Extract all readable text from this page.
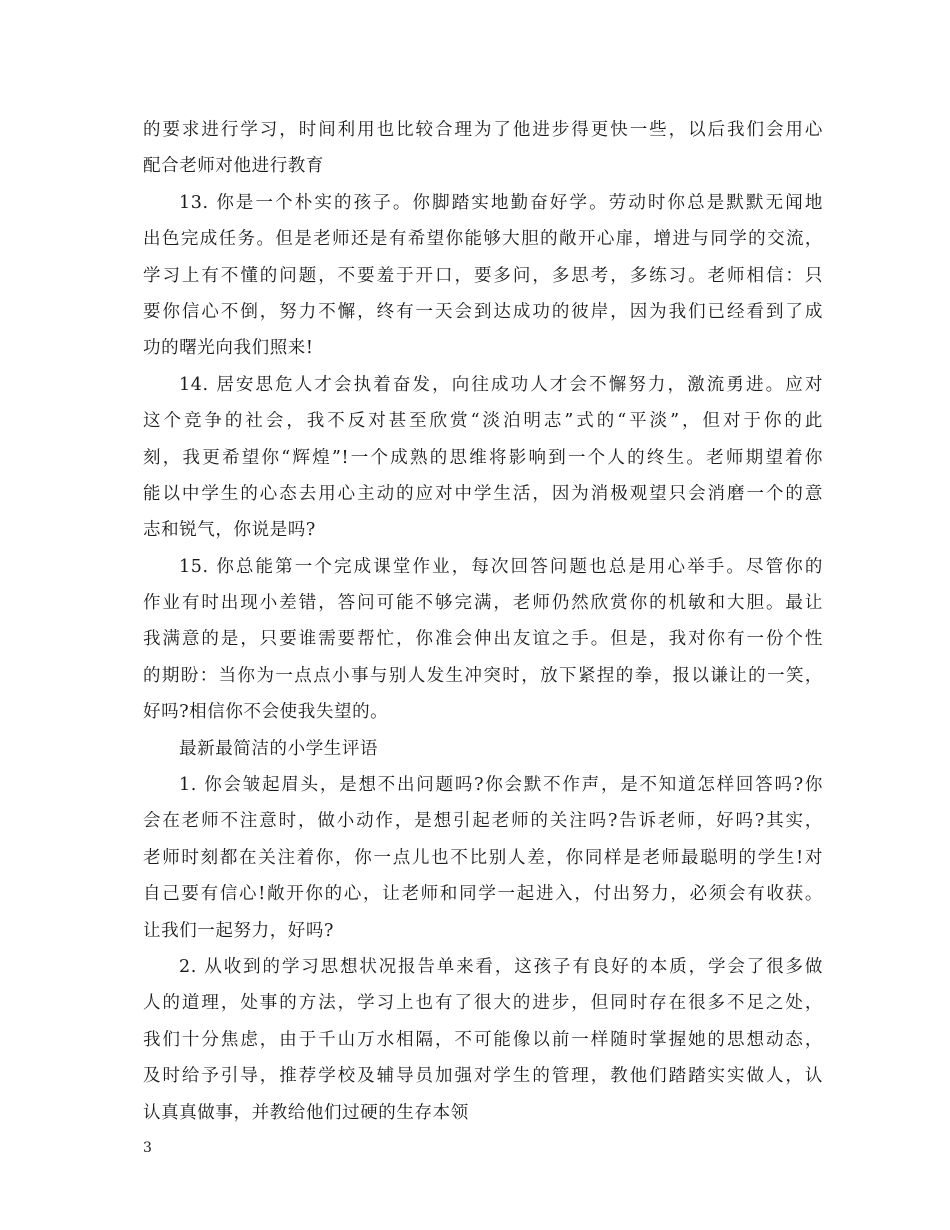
的要求进行学习，时间利用也比较合理为了他进步得更快一些，以后我们会用心
配合老师对他进行教育
13. 你是一个朴实的孩子。你脚踏实地勤奋好学。劳动时你总是默默无闻地
出色完成任务。但是老师还是有希望你能够大胆的敞开心扉，增进与同学的交流，
学习上有不懂的问题，不要羞于开口，要多问，多思考，多练习。老师相信：只
要你信心不倒，努力不懈，终有一天会到达成功的彼岸，因为我们已经看到了成
功的曙光向我们照来!
14. 居安思危人才会执着奋发，向往成功人才会不懈努力，激流勇进。应对
这个竞争的社会，我不反对甚至欣赏“淡泊明志”式的“平淡”，但对于你的此
刻，我更希望你“辉煌”!一个成熟的思维将影响到一个人的终生。老师期望着你
能以中学生的心态去用心主动的应对中学生活，因为消极观望只会消磨一个的意
志和锐气，你说是吗?
15. 你总能第一个完成课堂作业，每次回答问题也总是用心举手。尽管你的
作业有时出现小差错，答问可能不够完满，老师仍然欣赏你的机敏和大胆。最让
我满意的是，只要谁需要帮忙，你准会伸出友谊之手。但是，我对你有一份个性
的期盼：当你为一点点小事与别人发生冲突时，放下紧捏的拳，报以谦让的一笑，
好吗?相信你不会使我失望的。
最新最简洁的小学生评语
1. 你会皱起眉头，是想不出问题吗?你会默不作声，是不知道怎样回答吗?你
会在老师不注意时，做小动作，是想引起老师的关注吗?告诉老师，好吗?其实，
老师时刻都在关注着你，你一点儿也不比别人差，你同样是老师最聪明的学生!对
自己要有信心!敞开你的心，让老师和同学一起进入，付出努力，必须会有收获。
让我们一起努力，好吗?
2. 从收到的学习思想状况报告单来看，这孩子有良好的本质，学会了很多做
人的道理，处事的方法，学习上也有了很大的进步，但同时存在很多不足之处，
我们十分焦虑，由于千山万水相隔，不可能像以前一样随时掌握她的思想动态，
及时给予引导，推荐学校及辅导员加强对学生的管理，教他们踏踏实实做人，认
认真真做事，并教给他们过硬的生存本领
3
